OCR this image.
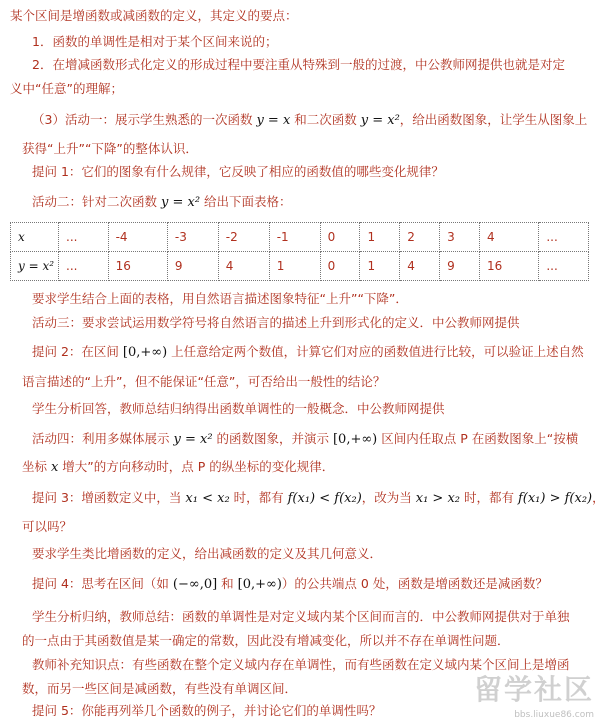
某个区间是增函数或减函数的定义，其定义的要点：
1．函数的单调性是相对于某个区间来说的；
2．在增减函数形式化定义的形成过程中要注重从特殊到一般的过渡，中公教师网提供也就是对定
义中“任意”的理解；
（3）活动一：展示学生熟悉的一次函数 y = x 和二次函数 y = x²，给出函数图象，让学生从图象上
获得“上升”“下降”的整体认识．
提问 1：它们的图象有什么规律，它反映了相应的函数值的哪些变化规律？
活动二：针对二次函数 y = x² 给出下面表格：
x	...	-4	-3	-2	-1	0	1	2	3	4	...
y = x²	...	16	9	4	1	0	1	4	9	16	...
要求学生结合上面的表格，用自然语言描述图象特征“上升”“下降”．
活动三：要求尝试运用数学符号将自然语言的描述上升到形式化的定义．中公教师网提供
提问 2：在区间 [0,+∞) 上任意给定两个数值，计算它们对应的函数值进行比较，可以验证上述自然
语言描述的“上升”，但不能保证“任意”，可否给出一般性的结论？
学生分析回答，教师总结归纳得出函数单调性的一般概念．中公教师网提供
活动四：利用多媒体展示 y = x² 的函数图象，并演示 [0,+∞) 区间内任取点 P 在函数图象上“按横
坐标 x 增大”的方向移动时，点 P 的纵坐标的变化规律．
提问 3：增函数定义中，当 x₁ < x₂ 时，都有 f(x₁) < f(x₂)，改为当 x₁ > x₂ 时，都有 f(x₁) > f(x₂)，
可以吗？
要求学生类比增函数的定义，给出减函数的定义及其几何意义．
提问 4：思考在区间（如 (−∞,0] 和 [0,+∞)）的公共端点 0 处，函数是增函数还是减函数？
学生分析归纳，教师总结：函数的单调性是对定义域内某个区间而言的．中公教师网提供对于单独
的一点由于其函数值是某一确定的常数，因此没有增减变化，所以并不存在单调性问题．
教师补充知识点：有些函数在整个定义域内存在单调性，而有些函数在定义域内某个区间上是增函
数，而另一些区间是减函数，有些没有单调区间．
提问 5：你能再列举几个函数的例子，并讨论它们的单调性吗？
留学社区
bbs.liuxue86.com
